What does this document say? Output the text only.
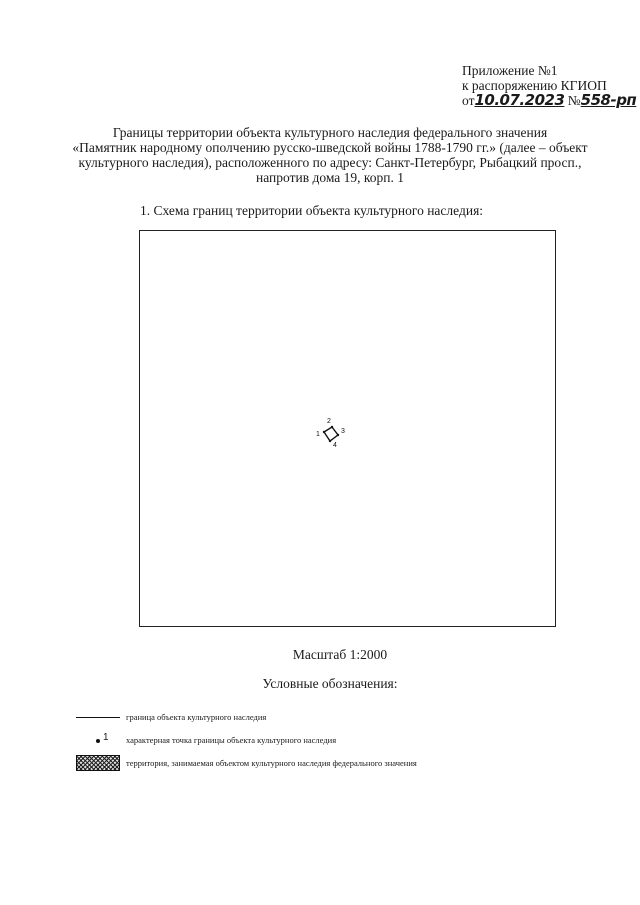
Приложение №1
к распоряжению КГИОП
от10.07.2023 №558-рп
Границы территории объекта культурного наследия федерального значения
«Памятник народному ополчению русско-шведской войны 1788-1790 гг.» (далее – объект
культурного наследия), расположенного по адресу: Санкт-Петербург, Рыбацкий просп.,
напротив дома 19, корп. 1
1. Схема границ территории объекта культурного наследия:
1
2
3
4
Масштаб 1:2000
Условные обозначения:
граница объекта культурного наследия
1 характерная точка границы объекта культурного наследия
территория, занимаемая объектом культурного наследия федерального значения
